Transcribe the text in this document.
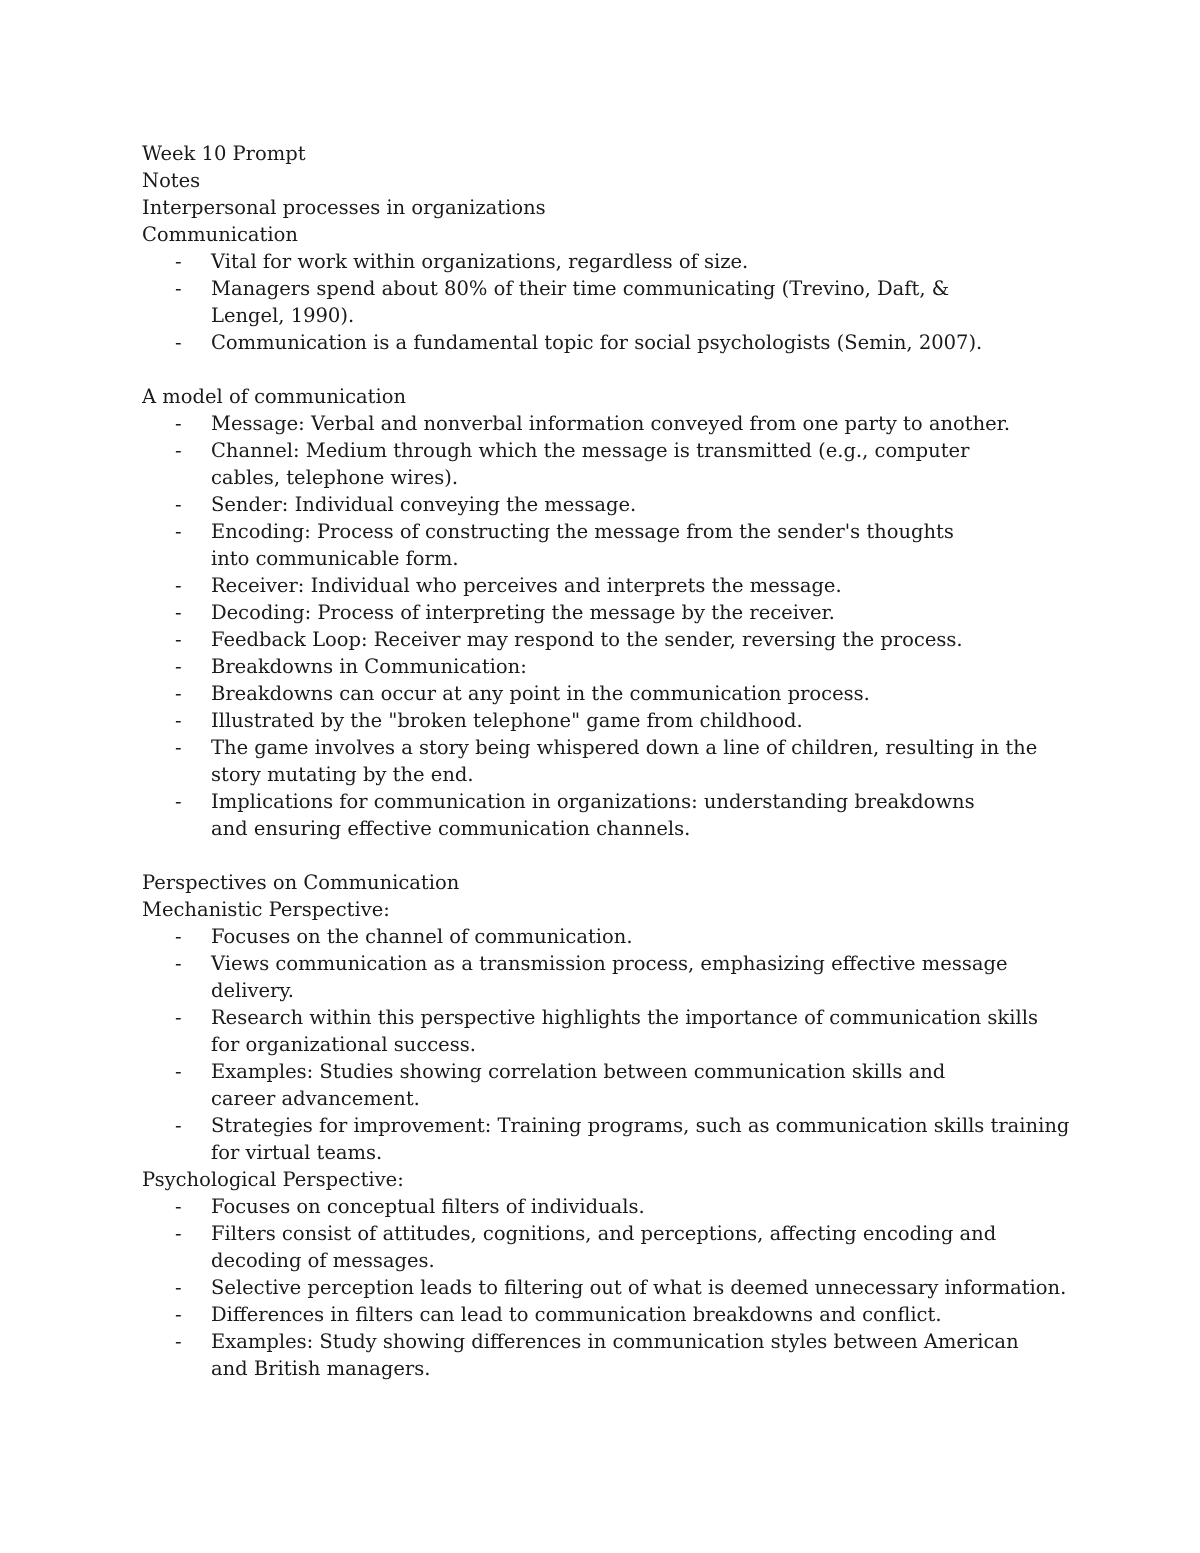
Week 10 Prompt

Notes

Interpersonal processes in organizations

Communication

- Vital for work within organizations, regardless of size.
- Managers spend about 80% of their time communicating (Trevino, Daft, & Lengel, 1990).
- Communication is a fundamental topic for social psychologists (Semin, 2007).

A model of communication

- Message: Verbal and nonverbal information conveyed from one party to another.
- Channel: Medium through which the message is transmitted (e.g., computer cables, telephone wires).
- Sender: Individual conveying the message.
- Encoding: Process of constructing the message from the sender's thoughts into communicable form.
- Receiver: Individual who perceives and interprets the message.
- Decoding: Process of interpreting the message by the receiver.
- Feedback Loop: Receiver may respond to the sender, reversing the process.
- Breakdowns in Communication:
- Breakdowns can occur at any point in the communication process.
- Illustrated by the "broken telephone" game from childhood.
- The game involves a story being whispered down a line of children, resulting in the story mutating by the end.
- Implications for communication in organizations: understanding breakdowns and ensuring effective communication channels.

Perspectives on Communication

Mechanistic Perspective:

- Focuses on the channel of communication.
- Views communication as a transmission process, emphasizing effective message delivery.
- Research within this perspective highlights the importance of communication skills for organizational success.
- Examples: Studies showing correlation between communication skills and career advancement.
- Strategies for improvement: Training programs, such as communication skills training for virtual teams.

Psychological Perspective:

- Focuses on conceptual filters of individuals.
- Filters consist of attitudes, cognitions, and perceptions, affecting encoding and decoding of messages.
- Selective perception leads to filtering out of what is deemed unnecessary information.
- Differences in filters can lead to communication breakdowns and conflict.
- Examples: Study showing differences in communication styles between American and British managers.
